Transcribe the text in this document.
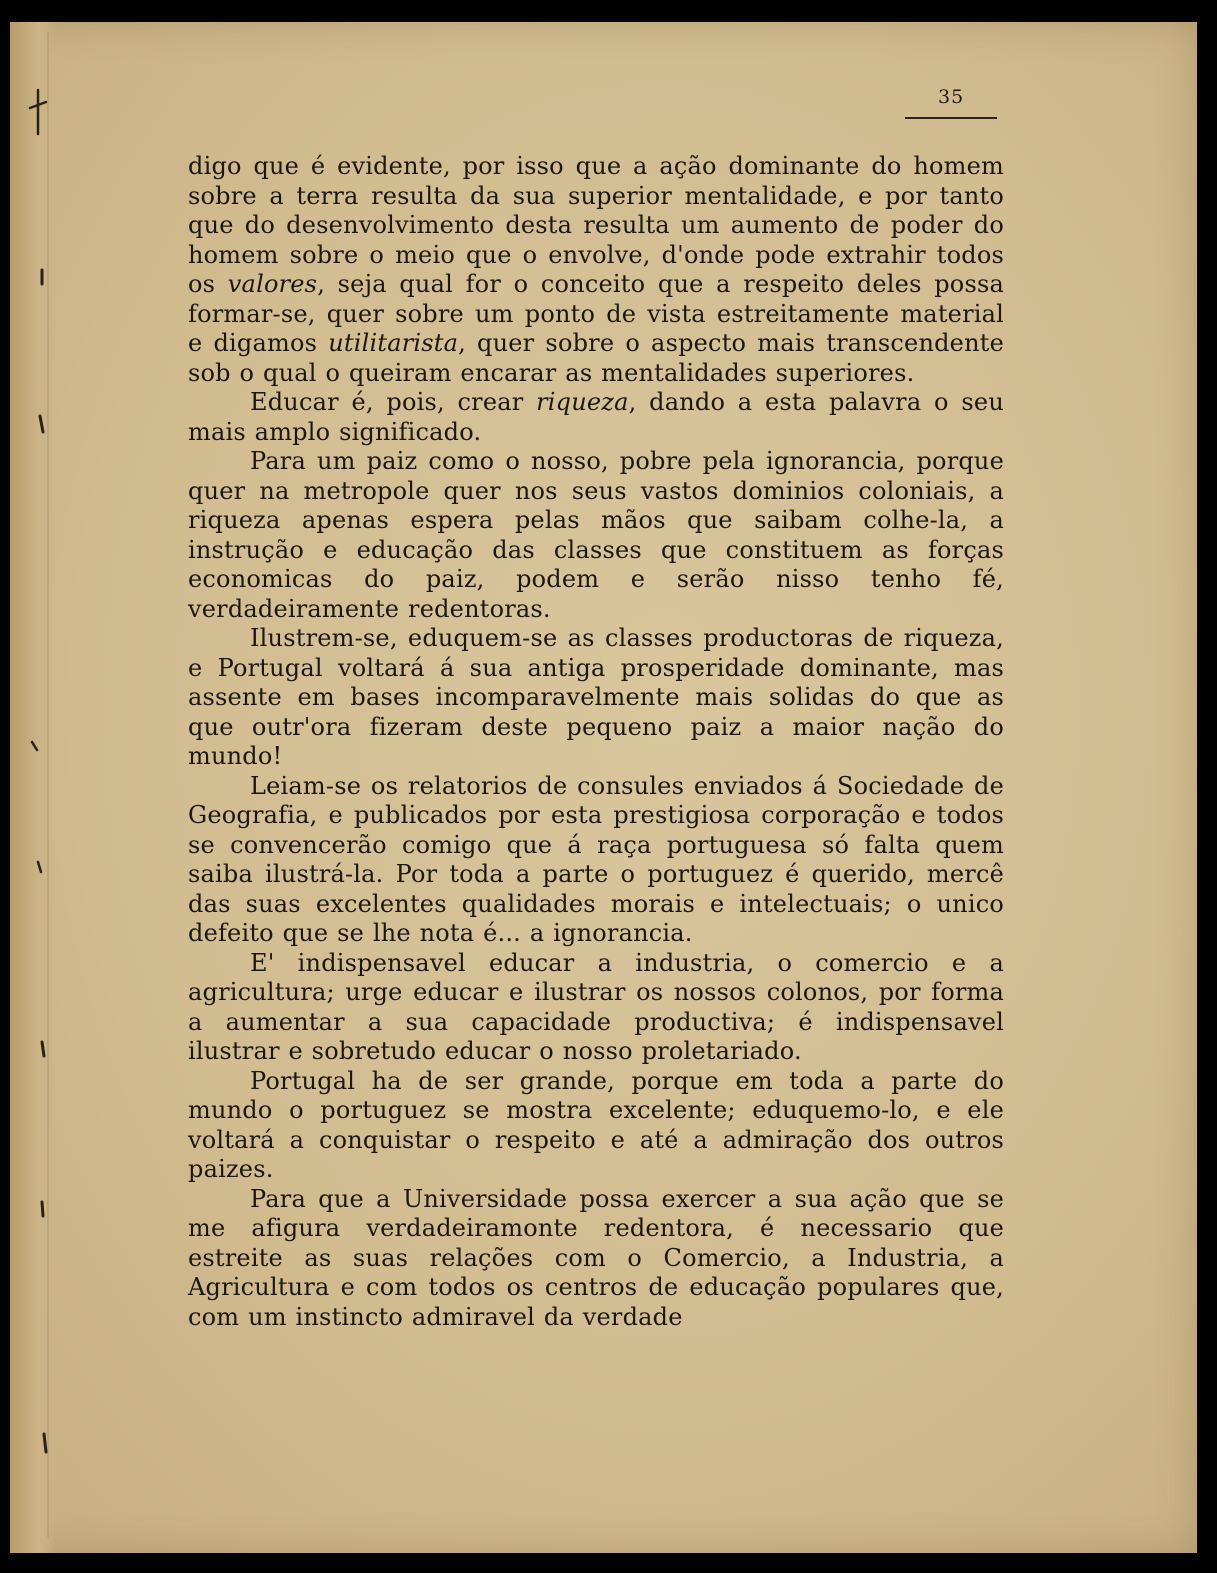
35

digo que é evidente, por isso que a ação dominante do homem sobre a terra resulta da sua superior mentalidade, e por tanto que do desenvolvimento desta resulta um aumento de poder do homem sobre o meio que o envolve, d'onde pode extrahir todos os valores, seja qual for o conceito que a respeito deles possa formar-se, quer sobre um ponto de vista estreitamente material e digamos utilitarista, quer sobre o aspecto mais transcendente sob o qual o queiram encarar as mentalidades superiores.

Educar é, pois, crear riqueza, dando a esta palavra o seu mais amplo significado.

Para um paiz como o nosso, pobre pela ignorancia, porque quer na metropole quer nos seus vastos dominios coloniais, a riqueza apenas espera pelas mãos que saibam colhe-la, a instrução e educação das classes que constituem as forças economicas do paiz, podem e serão nisso tenho fé, verdadeiramente redentoras.

Ilustrem-se, eduquem-se as classes productoras de riqueza, e Portugal voltará á sua antiga prosperidade dominante, mas assente em bases incomparavelmente mais solidas do que as que outr'ora fizeram deste pequeno paiz a maior nação do mundo!

Leiam-se os relatorios de consules enviados á Sociedade de Geografia, e publicados por esta prestigiosa corporação e todos se convencerão comigo que á raça portuguesa só falta quem saiba ilustrá-la. Por toda a parte o portuguez é querido, mercê das suas excelentes qualidades morais e intelectuais; o unico defeito que se lhe nota é... a ignorancia.

E' indispensavel educar a industria, o comercio e a agricultura; urge educar e ilustrar os nossos colonos, por forma a aumentar a sua capacidade productiva; é indispensavel ilustrar e sobretudo educar o nosso proletariado.

Portugal ha de ser grande, porque em toda a parte do mundo o portuguez se mostra excelente; eduquemo-lo, e ele voltará a conquistar o respeito e até a admiração dos outros paizes.

Para que a Universidade possa exercer a sua ação que se me afigura verdadeiramonte redentora, é necessario que estreite as suas relações com o Comercio, a Industria, a Agricultura e com todos os centros de educação populares que, com um instincto admiravel da verdade
